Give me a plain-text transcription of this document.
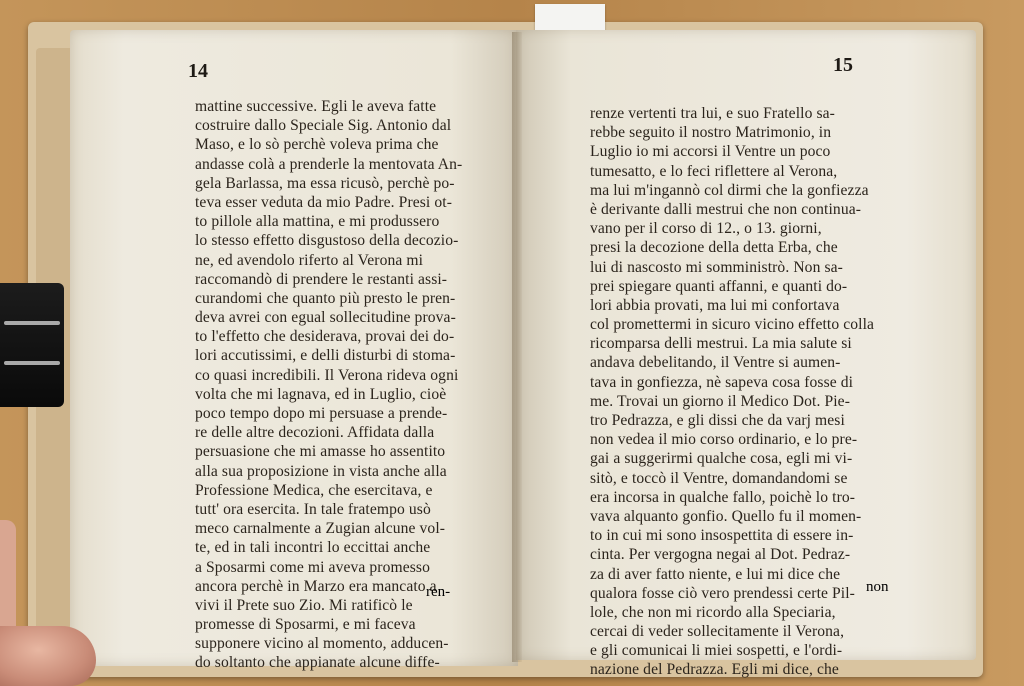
14	15
mattine successive. Egli le aveva fatte
costruire dallo Speciale Sig. Antonio dal
Maso, e lo sò perchè voleva prima che
andasse colà a prenderle la mentovata An-
gela Barlassa, ma essa ricusò, perchè po-
teva esser veduta da mio Padre. Presi ot-
to pillole alla mattina, e mi produssero
lo stesso effetto disgustoso della decozio-
ne, ed avendolo riferto al Verona mi
raccomandò di prendere le restanti assi-
curandomi che quanto più presto le pren-
deva avrei con egual sollecitudine prova-
to l'effetto che desiderava, provai dei do-
lori accutissimi, e delli disturbi di stoma-
co quasi incredibili. Il Verona rideva ogni
volta che mi lagnava, ed in Luglio, cioè
poco tempo dopo mi persuase a prende-
re delle altre decozioni. Affidata dalla
persuasione che mi amasse ho assentito
alla sua proposizione in vista anche alla
Professione Medica, che esercitava, e
tutt' ora esercita. In tale fratempo usò
meco carnalmente a Zugian alcune vol-
te, ed in tali incontri lo eccittai anche
a Sposarmi come mi aveva promesso
ancora perchè in Marzo era mancato a
vivi il Prete suo Zio. Mi ratificò le
promesse di Sposarmi, e mi faceva
supponere vicino al momento, adducen-
do soltanto che appianate alcune diffe-
renze vertenti tra lui, e suo Fratello sa-
rebbe seguito il nostro Matrimonio, in
Luglio io mi accorsi il Ventre un poco
tumesatto, e lo feci riflettere al Verona,
ma lui m'ingannò col dirmi che la gonfiezza
è derivante dalli mestrui che non continua-
vano per il corso di 12., o 13. giorni,
presi la decozione della detta Erba, che
lui di nascosto mi somministrò. Non sa-
prei spiegare quanti affanni, e quanti do-
lori abbia provati, ma lui mi confortava
col promettermi in sicuro vicino effetto colla
ricomparsa delli mestrui. La mia salute si
andava debelitando, il Ventre si aumen-
tava in gonfiezza, nè sapeva cosa fosse di
me. Trovai un giorno il Medico Dot. Pie-
tro Pedrazza, e gli dissi che da varj mesi
non vedea il mio corso ordinario, e lo pre-
gai a suggerirmi qualche cosa, egli mi vi-
sitò, e toccò il Ventre, domandandomi se
era incorsa in qualche fallo, poichè lo tro-
vava alquanto gonfio. Quello fu il momen-
to in cui mi sono insospettita di essere in-
cinta. Per vergogna negai al Dot. Pedraz-
za di aver fatto niente, e lui mi dice che
qualora fosse ciò vero prendessi certe Pil-
lole, che non mi ricordo alla Speciaria,
cercai di veder sollecitamente il Verona,
e gli comunicai li miei sospetti, e l'ordi-
nazione del Pedrazza. Egli mi dice, che
ren-	non
